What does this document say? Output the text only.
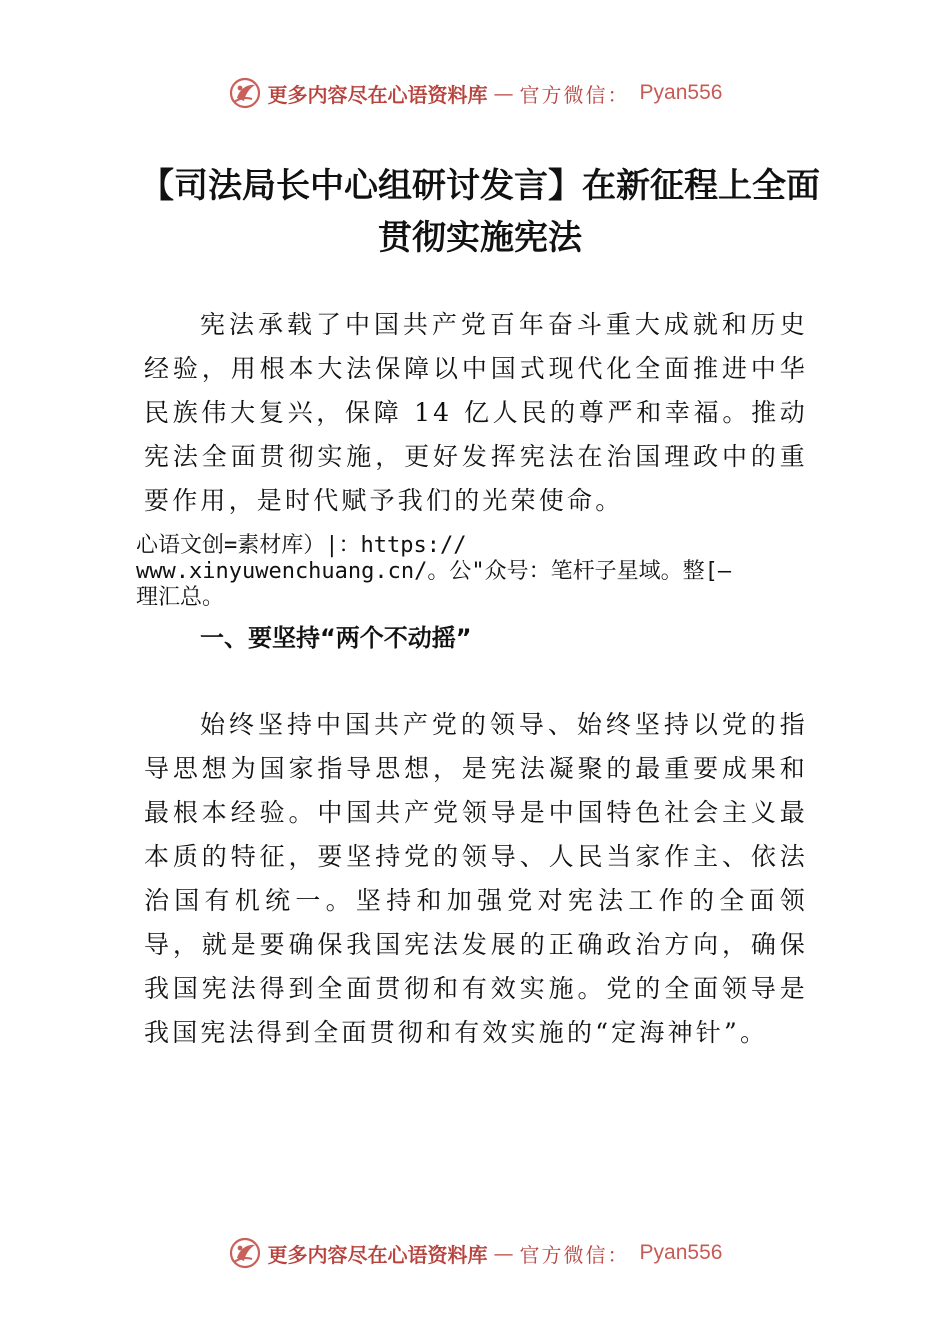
更多内容尽在心语资料库 — 官方微信： Pyan556
【司法局长中心组研讨发言】在新征程上全面贯彻实施宪法

宪法承载了中国共产党百年奋斗重大成就和历史经验，用根本大法保障以中国式现代化全面推进中华民族伟大复兴，保障 14 亿人民的尊严和幸福。推动宪法全面贯彻实施，更好发挥宪法在治国理政中的重要作用，是时代赋予我们的光荣使命。

心语文创=素材库）|：https://
www.xinyuwenchuang.cn/。公"众号：笔杆子星域。整[—
理汇总。

一、要坚持“两个不动摇”

始终坚持中国共产党的领导、始终坚持以党的指导思想为国家指导思想，是宪法凝聚的最重要成果和最根本经验。中国共产党领导是中国特色社会主义最本质的特征，要坚持党的领导、人民当家作主、依法治国有机统一。坚持和加强党对宪法工作的全面领导，就是要确保我国宪法发展的正确政治方向，确保我国宪法得到全面贯彻和有效实施。党的全面领导是我国宪法得到全面贯彻和有效实施的“定海神针”。

更多内容尽在心语资料库 — 官方微信： Pyan556
